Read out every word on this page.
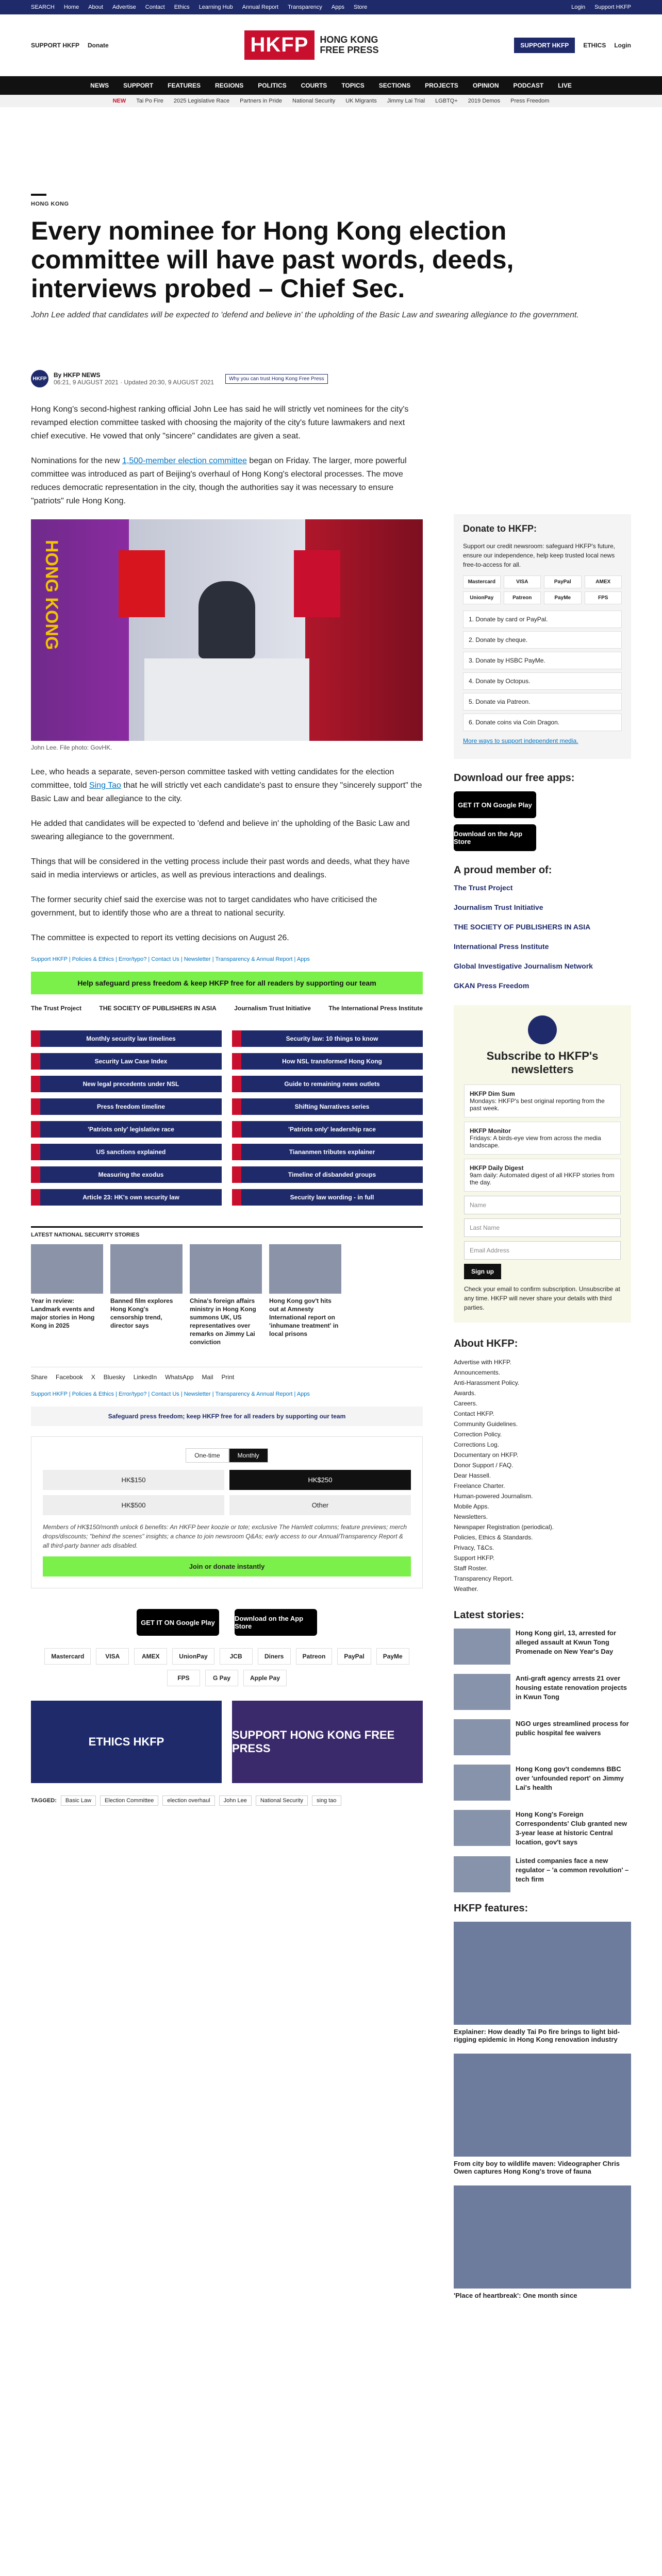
SEARCH Home About Advertise Contact Ethics Learning Hub Annual Report Transparency Apps Store	Login Support HKFP
SUPPORT HKFP Donate	HKFP	HONG KONG
FREE PRESS	SUPPORT HKFP	ETHICS Login
NEWS SUPPORT FEATURES REGIONS POLITICS COURTS TOPICS SECTIONS PROJECTS OPINION PODCAST LIVE
NEW Tai Po Fire 2025 Legislative Race Partners in Pride National Security UK Migrants Jimmy Lai Trial LGBTQ+ 2019 Demos Press Freedom
HONG KONG
Every nominee for Hong Kong election committee will have past words, deeds, interviews probed – Chief Sec.

John Lee added that candidates will be expected to 'defend and believe in' the upholding of the Basic Law and swearing allegiance to the government.

HKFP By HKFP NEWS
06:21, 9 AUGUST 2021 · Updated 20:30, 9 AUGUST 2021	Why you can trust Hong Kong Free Press

Hong Kong's second-highest ranking official John Lee has said he will strictly vet nominees for the city's revamped election committee tasked with choosing the majority of the city's future lawmakers and next chief executive. He vowed that only "sincere" candidates are given a seat.

Nominations for the new 1,500-member election committee began on Friday. The larger, more powerful committee was introduced as part of Beijing's overhaul of Hong Kong's electoral processes. The move reduces democratic representation in the city, though the authorities say it was necessary to ensure "patriots" rule Hong Kong.

HONG KONG
John Lee. File photo: GovHK.

Lee, who heads a separate, seven-person committee tasked with vetting candidates for the election committee, told Sing Tao that he will strictly vet each candidate's past to ensure they "sincerely support" the Basic Law and bear allegiance to the city.

He added that candidates will be expected to 'defend and believe in' the upholding of the Basic Law and swearing allegiance to the government.

Things that will be considered in the vetting process include their past words and deeds, what they have said in media interviews or articles, as well as previous interactions and dealings.

The former security chief said the exercise was not to target candidates who have criticised the government, but to identify those who are a threat to national security.

The committee is expected to report its vetting decisions on August 26.

Support HKFP | Policies & Ethics | Error/typo? | Contact Us | Newsletter | Transparency & Annual Report | Apps
Help safeguard press freedom & keep HKFP free for all readers by supporting our team
The Trust Project	THE SOCIETY OF PUBLISHERS IN ASIA	Journalism Trust Initiative	The International Press Institute
Monthly security law timelines	Security law: 10 things to know
Security Law Case Index	How NSL transformed Hong Kong
New legal precedents under NSL	Guide to remaining news outlets
Press freedom timeline	Shifting Narratives series
'Patriots only' legislative race	'Patriots only' leadership race
US sanctions explained	Tiananmen tributes explainer
Measuring the exodus	Timeline of disbanded groups
Article 23: HK's own security law	Security law wording - in full
LATEST NATIONAL SECURITY STORIES

Year in review: Landmark events and major stories in Hong Kong in 2025

Banned film explores Hong Kong's censorship trend, director says

China's foreign affairs ministry in Hong Kong summons UK, US representatives over remarks on Jimmy Lai conviction

Hong Kong gov't hits out at Amnesty International report on 'inhumane treatment' in local prisons

Share Facebook X Bluesky LinkedIn WhatsApp Mail Print
Support HKFP | Policies & Ethics | Error/typo? | Contact Us | Newsletter | Transparency & Annual Report | Apps
Safeguard press freedom; keep HKFP free for all readers by supporting our team
One-time	Monthly
HK$150	HK$250
HK$500	Other

Members of HK$150/month unlock 6 benefits: An HKFP beer koozie or tote; exclusive The Hamlett columns; feature previews; merch drops/discounts; "behind the scenes" insights; a chance to join newsroom Q&As; early access to our Annual/Transparency Report & all third-party banner ads disabled.

Join or donate instantly
GET IT ON Google Play	Download on the App Store
Mastercard	VISA	AMEX	UnionPay	JCB	Diners	Patreon	PayPal	PayMe
FPS	G Pay	Apple Pay
ETHICS HKFP
SUPPORT HONG KONG FREE PRESS
TAGGED:	Basic Law	Election Committee	election overhaul	John Lee	National Security	sing tao
Donate to HKFP:

Support our credit newsroom: safeguard HKFP's future, ensure our independence, help keep trusted local news free-to-access for all.

Mastercard	VISA	PayPal	AMEX
UnionPay	Patreon	PayMe	FPS
1. Donate by card or PayPal.
2. Donate by cheque.
3. Donate by HSBC PayMe.
4. Donate by Octopus.
5. Donate via Patreon.
6. Donate coins via Coin Dragon.

More ways to support independent media.

Download our free apps:
GET IT ON Google Play
Download on the App Store
A proud member of:
The Trust Project
Journalism Trust Initiative
THE SOCIETY OF PUBLISHERS IN ASIA
International Press Institute
Global Investigative Journalism Network
GKAN Press Freedom
Subscribe to HKFP's newsletters
HKFP Dim Sum
Mondays: HKFP's best original reporting from the past week.
HKFP Monitor
Fridays: A birds-eye view from across the media landscape.
HKFP Daily Digest
9am daily: Automated digest of all HKFP stories from the day.
Name
Last Name
Email Address
Sign up

Check your email to confirm subscription. Unsubscribe at any time. HKFP will never share your details with third parties.

About HKFP:
Advertise with HKFP.
Announcements.
Anti-Harassment Policy.
Awards.
Careers.
Contact HKFP.
Community Guidelines.
Correction Policy.
Corrections Log.
Documentary on HKFP.
Donor Support / FAQ.
Dear Hassell.
Freelance Charter.
Human-powered Journalism.
Mobile Apps.
Newsletters.
Newspaper Registration (periodical).
Policies, Ethics & Standards.
Privacy, T&Cs.
Support HKFP.
Staff Roster.
Transparency Report.
Weather.
Latest stories:

Hong Kong girl, 13, arrested for alleged assault at Kwun Tong Promenade on New Year's Day

Anti-graft agency arrests 21 over housing estate renovation projects in Kwun Tong

NGO urges streamlined process for public hospital fee waivers

Hong Kong gov't condemns BBC over 'unfounded report' on Jimmy Lai's health

Hong Kong's Foreign Correspondents' Club granted new 3-year lease at historic Central location, gov't says

Listed companies face a new regulator – 'a common revolution' – tech firm

HKFP features:

Explainer: How deadly Tai Po fire brings to light bid-rigging epidemic in Hong Kong renovation industry

From city boy to wildlife maven: Videographer Chris Owen captures Hong Kong's trove of fauna

'Place of heartbreak': One month since
